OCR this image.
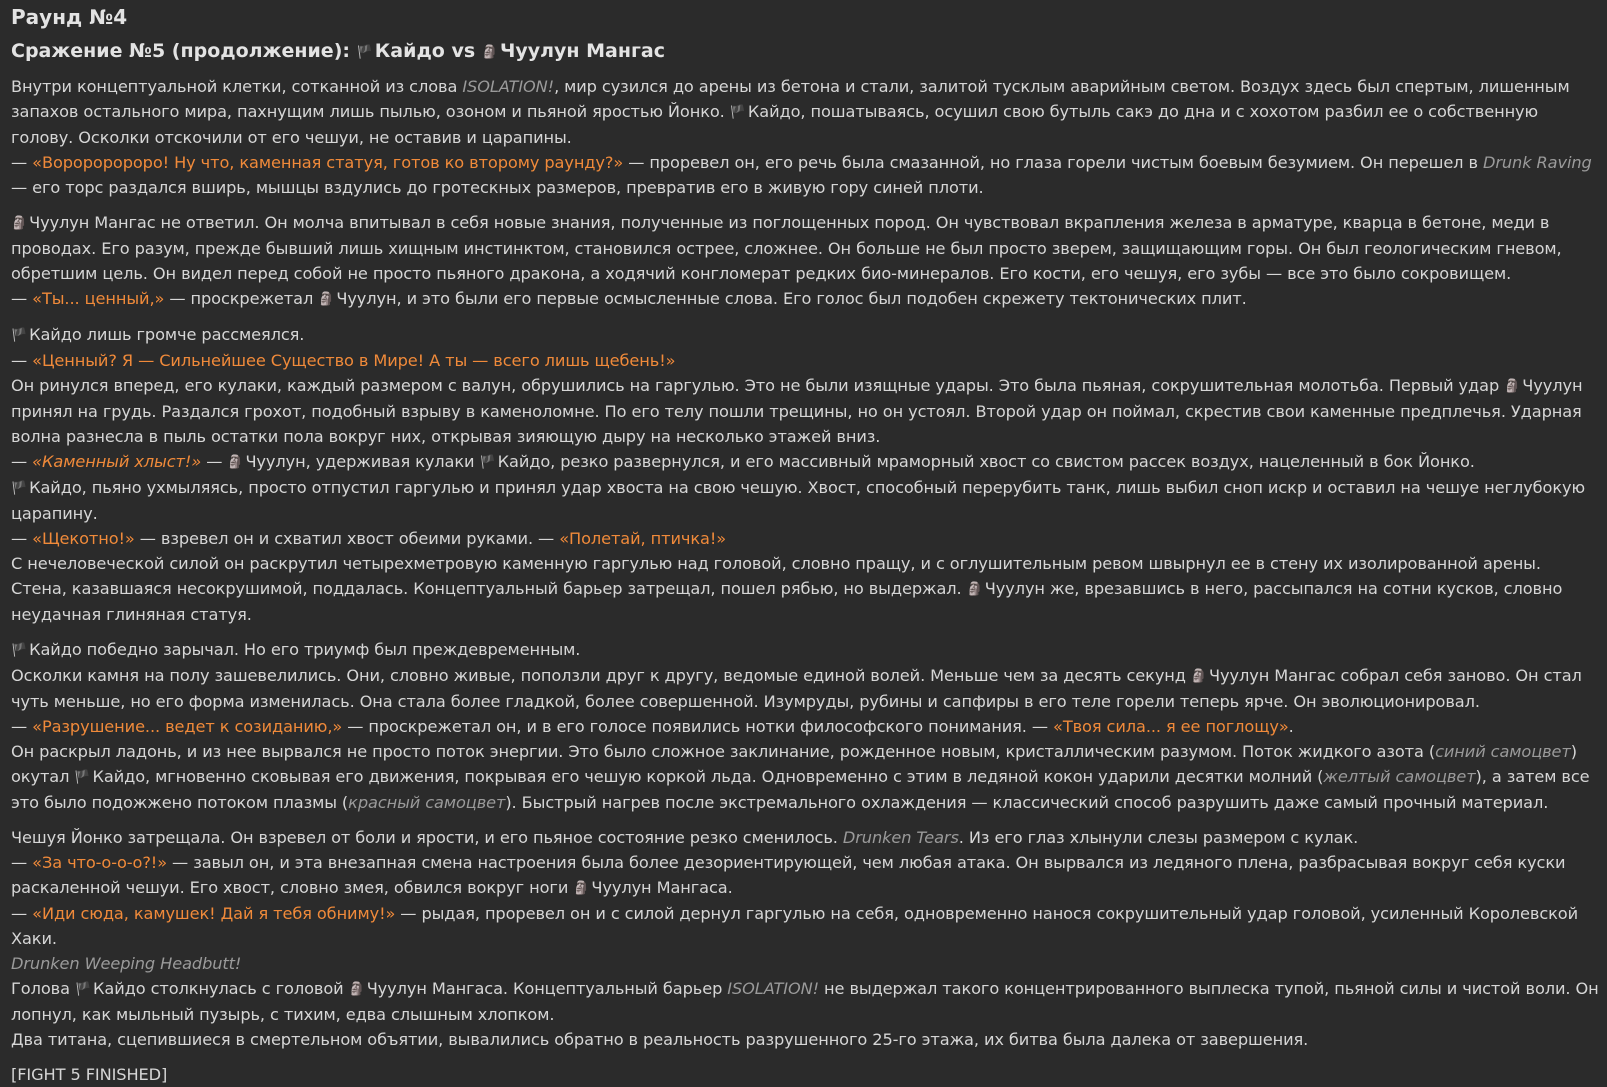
Раунд №4
Сражение №5 (продолжение): 🏴 Кайдо vs 🗿 Чуулун Мангас

Внутри концептуальной клетки, сотканной из слова ISOLATION!, мир сузился до арены из бетона и стали, залитой тусклым аварийным светом. Воздух здесь был спертым, лишенным запахов остального мира, пахнущим лишь пылью, озоном и пьяной яростью Йонко. 🏴 Кайдо, пошатываясь, осушил свою бутыль сакэ до дна и с хохотом разбил ее о собственную голову. Осколки отскочили от его чешуи, не оставив и царапины.
— «Воророророро! Ну что, каменная статуя, готов ко второму раунду?» — проревел он, его речь была смазанной, но глаза горели чистым боевым безумием. Он перешел в Drunk Raving — его торс раздался вширь, мышцы вздулись до гротескных размеров, превратив его в живую гору синей плоти.

🗿 Чуулун Мангас не ответил. Он молча впитывал в себя новые знания, полученные из поглощенных пород. Он чувствовал вкрапления железа в арматуре, кварца в бетоне, меди в проводах. Его разум, прежде бывший лишь хищным инстинктом, становился острее, сложнее. Он больше не был просто зверем, защищающим горы. Он был геологическим гневом, обретшим цель. Он видел перед собой не просто пьяного дракона, а ходячий конгломерат редких био-минералов. Его кости, его чешуя, его зубы — все это было сокровищем.
— «Ты... ценный,» — проскрежетал 🗿 Чуулун, и это были его первые осмысленные слова. Его голос был подобен скрежету тектонических плит.

🏴 Кайдо лишь громче рассмеялся.
— «Ценный? Я — Сильнейшее Существо в Мире! А ты — всего лишь щебень!»
Он ринулся вперед, его кулаки, каждый размером с валун, обрушились на гаргулью. Это не были изящные удары. Это была пьяная, сокрушительная молотьба. Первый удар 🗿 Чуулун принял на грудь. Раздался грохот, подобный взрыву в каменоломне. По его телу пошли трещины, но он устоял. Второй удар он поймал, скрестив свои каменные предплечья. Ударная волна разнесла в пыль остатки пола вокруг них, открывая зияющую дыру на несколько этажей вниз.
— «Каменный хлыст!» — 🗿 Чуулун, удерживая кулаки 🏴 Кайдо, резко развернулся, и его массивный мраморный хвост со свистом рассек воздух, нацеленный в бок Йонко.
🏴 Кайдо, пьяно ухмыляясь, просто отпустил гаргулью и принял удар хвоста на свою чешую. Хвост, способный перерубить танк, лишь выбил сноп искр и оставил на чешуе неглубокую царапину.
— «Щекотно!» — взревел он и схватил хвост обеими руками. — «Полетай, птичка!»
С нечеловеческой силой он раскрутил четырехметровую каменную гаргулью над головой, словно пращу, и с оглушительным ревом швырнул ее в стену их изолированной арены. Стена, казавшаяся несокрушимой, поддалась. Концептуальный барьер затрещал, пошел рябью, но выдержал. 🗿 Чуулун же, врезавшись в него, рассыпался на сотни кусков, словно неудачная глиняная статуя.

🏴 Кайдо победно зарычал. Но его триумф был преждевременным.
Осколки камня на полу зашевелились. Они, словно живые, поползли друг к другу, ведомые единой волей. Меньше чем за десять секунд 🗿 Чуулун Мангас собрал себя заново. Он стал чуть меньше, но его форма изменилась. Она стала более гладкой, более совершенной. Изумруды, рубины и сапфиры в его теле горели теперь ярче. Он эволюционировал.
— «Разрушение... ведет к созиданию,» — проскрежетал он, и в его голосе появились нотки философского понимания. — «Твоя сила... я ее поглощу».
Он раскрыл ладонь, и из нее вырвался не просто поток энергии. Это было сложное заклинание, рожденное новым, кристаллическим разумом. Поток жидкого азота (синий самоцвет) окутал 🏴 Кайдо, мгновенно сковывая его движения, покрывая его чешую коркой льда. Одновременно с этим в ледяной кокон ударили десятки молний (желтый самоцвет), а затем все это было подожжено потоком плазмы (красный самоцвет). Быстрый нагрев после экстремального охлаждения — классический способ разрушить даже самый прочный материал.

Чешуя Йонко затрещала. Он взревел от боли и ярости, и его пьяное состояние резко сменилось. Drunken Tears. Из его глаз хлынули слезы размером с кулак.
— «За что-о-о-о?!» — завыл он, и эта внезапная смена настроения была более дезориентирующей, чем любая атака. Он вырвался из ледяного плена, разбрасывая вокруг себя куски раскаленной чешуи. Его хвост, словно змея, обвился вокруг ноги 🗿 Чуулун Мангаса.
— «Иди сюда, камушек! Дай я тебя обниму!» — рыдая, проревел он и с силой дернул гаргулью на себя, одновременно нанося сокрушительный удар головой, усиленный Королевской Хаки.
Drunken Weeping Headbutt!
Голова 🏴 Кайдо столкнулась с головой 🗿 Чуулун Мангаса. Концептуальный барьер ISOLATION! не выдержал такого концентрированного выплеска тупой, пьяной силы и чистой воли. Он лопнул, как мыльный пузырь, с тихим, едва слышным хлопком.
Два титана, сцепившиеся в смертельном объятии, вывалились обратно в реальность разрушенного 25-го этажа, их битва была далека от завершения.

[FIGHT 5 FINISHED]
